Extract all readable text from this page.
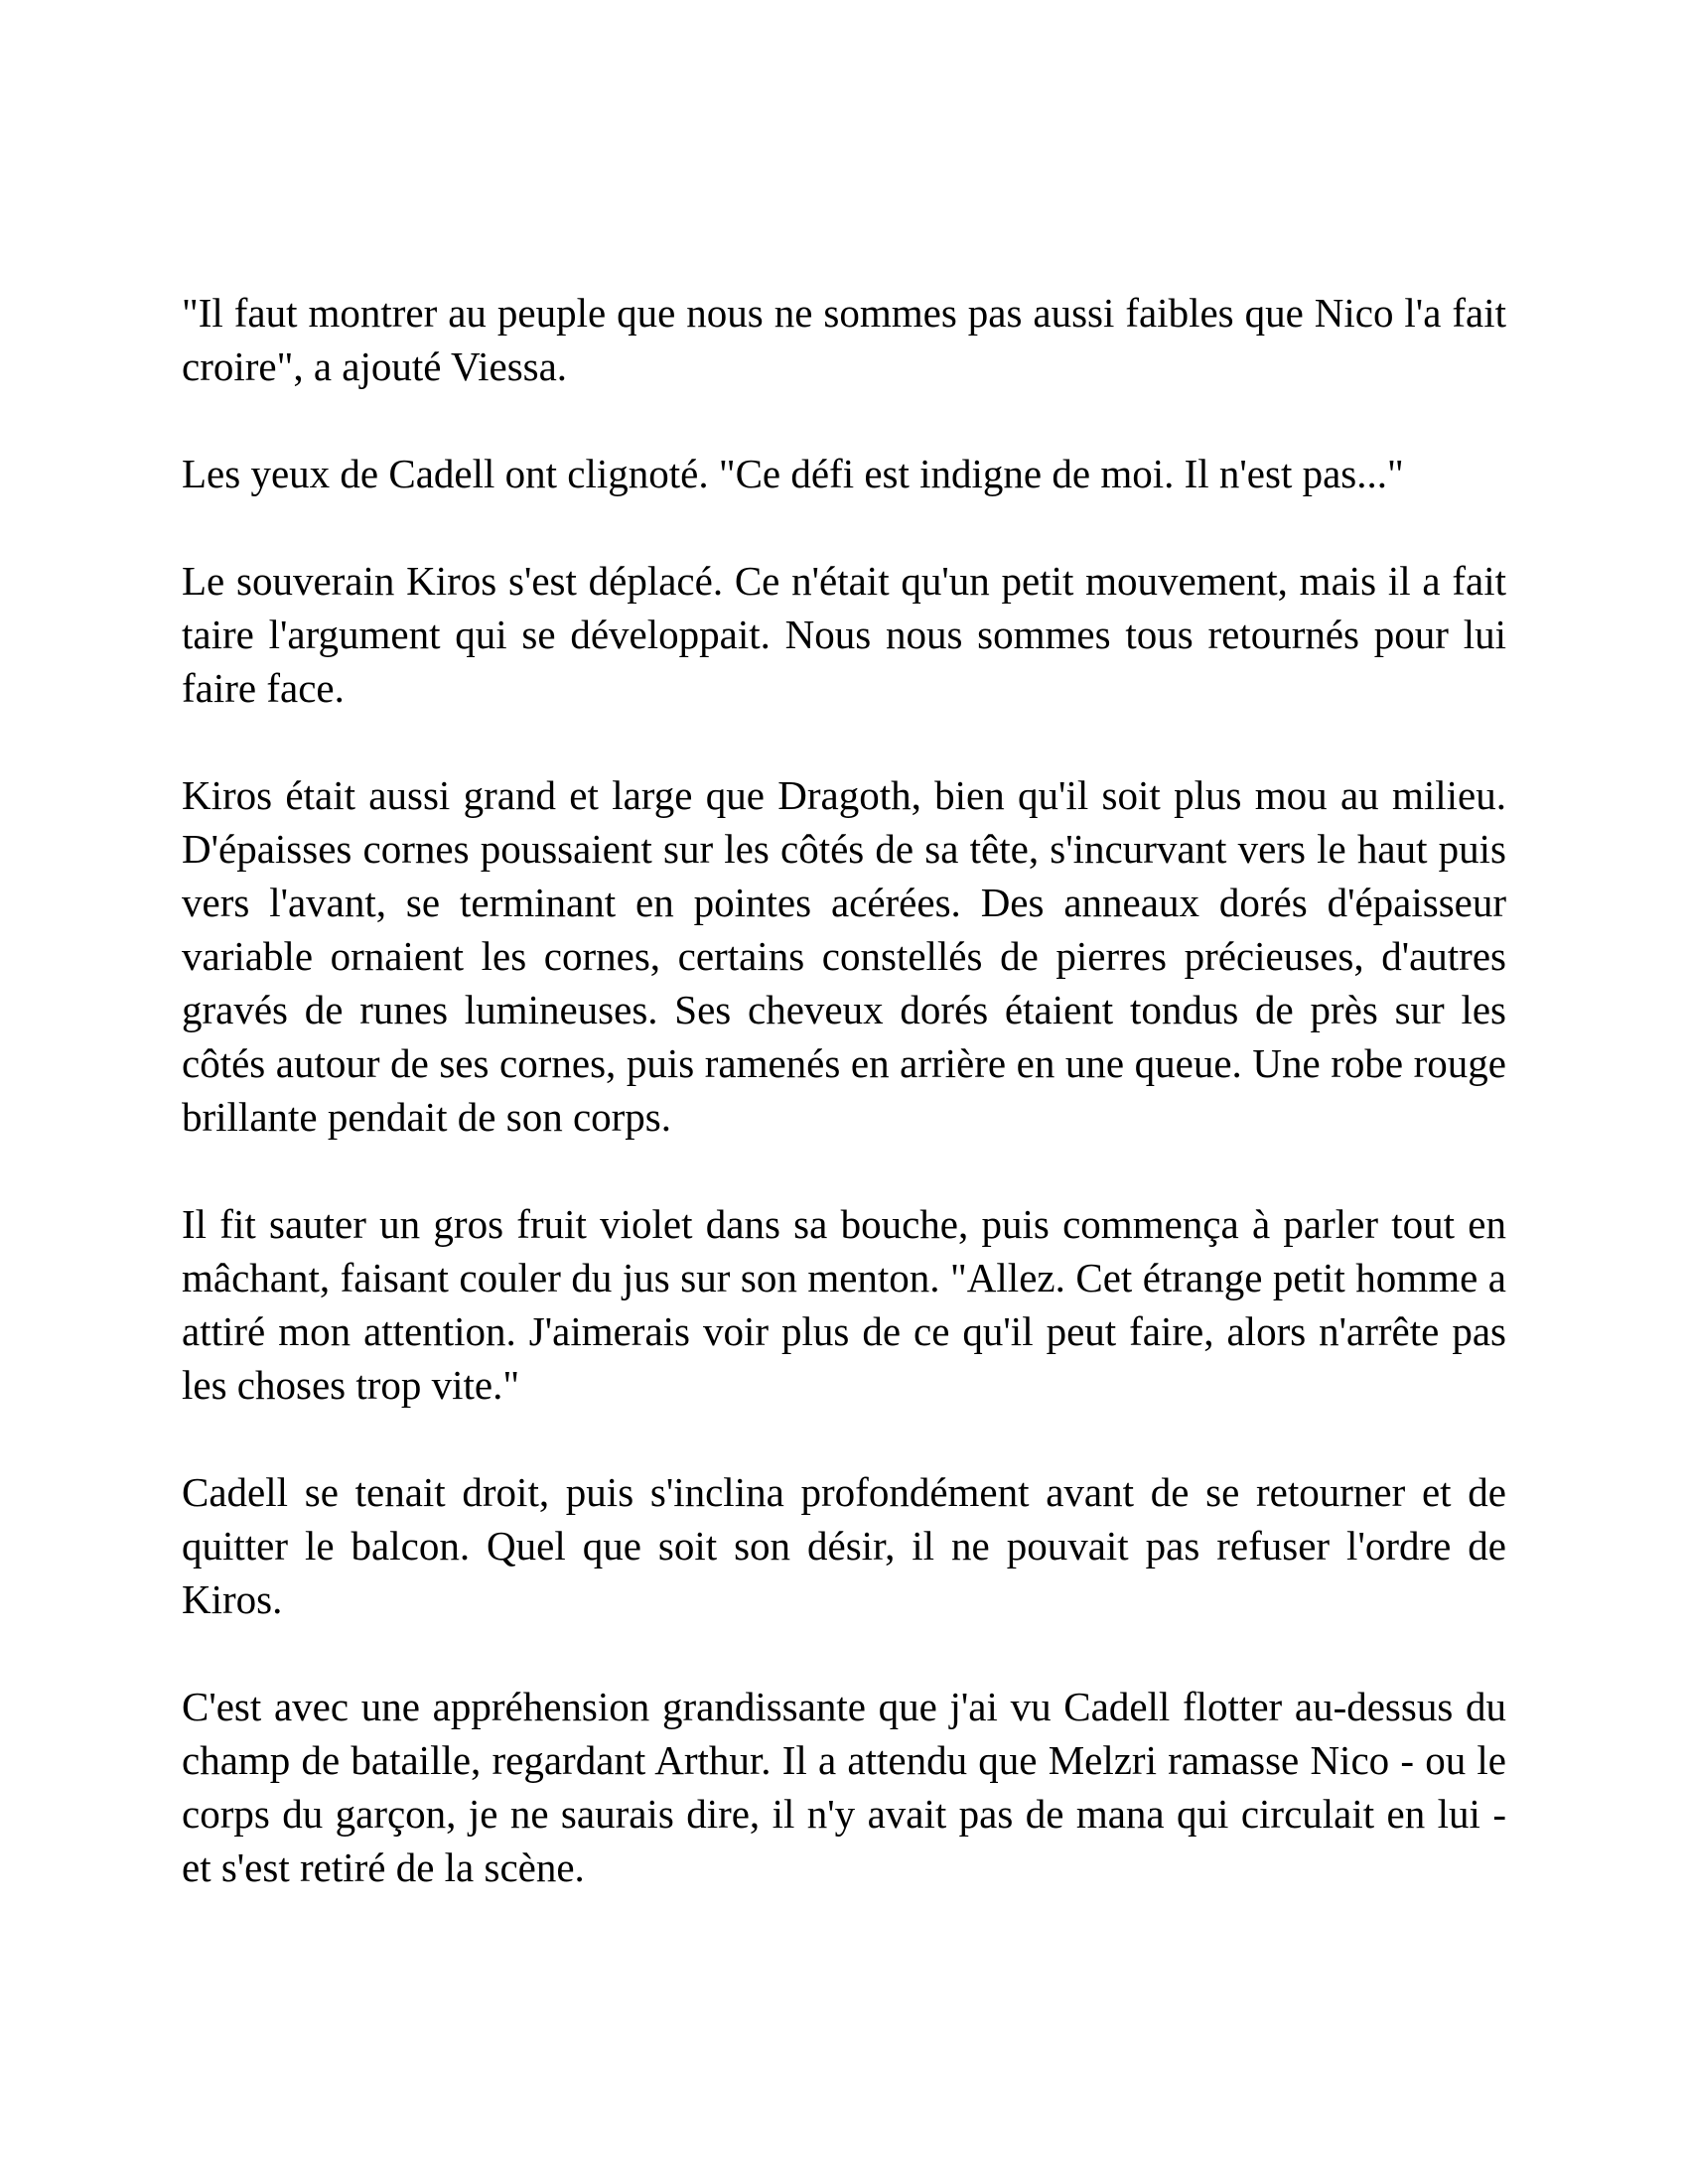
"Il faut montrer au peuple que nous ne sommes pas aussi faibles que Nico l'a fait croire", a ajouté Viessa.

Les yeux de Cadell ont clignoté. "Ce défi est indigne de moi. Il n'est pas..."

Le souverain Kiros s'est déplacé. Ce n'était qu'un petit mouvement, mais il a fait taire l'argument qui se développait. Nous nous sommes tous retournés pour lui faire face.

Kiros était aussi grand et large que Dragoth, bien qu'il soit plus mou au milieu. D'épaisses cornes poussaient sur les côtés de sa tête, s'incurvant vers le haut puis vers l'avant, se terminant en pointes acérées. Des anneaux dorés d'épaisseur variable ornaient les cornes, certains constellés de pierres précieuses, d'autres gravés de runes lumineuses. Ses cheveux dorés étaient tondus de près sur les côtés autour de ses cornes, puis ramenés en arrière en une queue. Une robe rouge brillante pendait de son corps.

Il fit sauter un gros fruit violet dans sa bouche, puis commença à parler tout en mâchant, faisant couler du jus sur son menton. "Allez. Cet étrange petit homme a attiré mon attention. J'aimerais voir plus de ce qu'il peut faire, alors n'arrête pas les choses trop vite."

Cadell se tenait droit, puis s'inclina profondément avant de se retourner et de quitter le balcon. Quel que soit son désir, il ne pouvait pas refuser l'ordre de Kiros.

C'est avec une appréhension grandissante que j'ai vu Cadell flotter au-dessus du champ de bataille, regardant Arthur. Il a attendu que Melzri ramasse Nico - ou le corps du garçon, je ne saurais dire, il n'y avait pas de mana qui circulait en lui - et s'est retiré de la scène.
